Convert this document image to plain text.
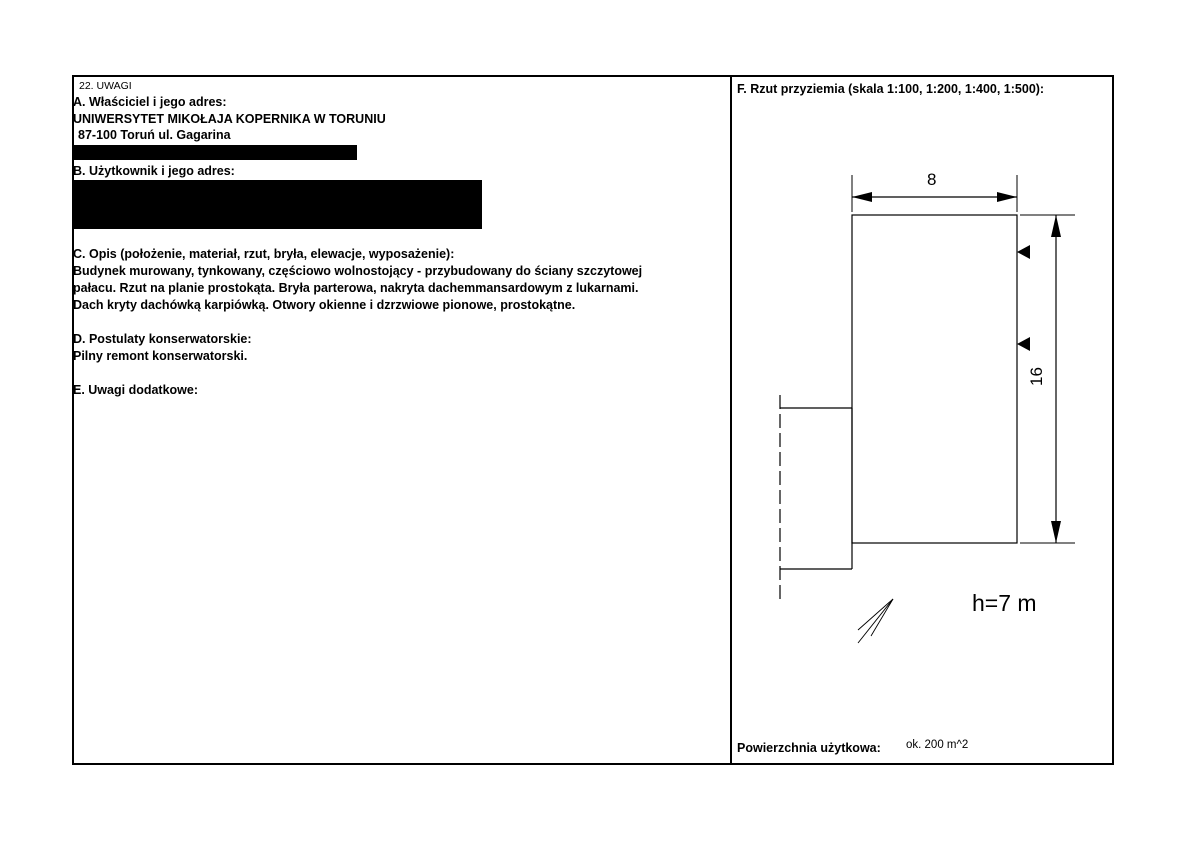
22. UWAGI
A. Właściciel i jego adres:
UNIWERSYTET MIKOŁAJA KOPERNIKA W TORUNIU
87-100 Toruń ul. Gagarina
B. Użytkownik i jego adres:
C. Opis (położenie, materiał, rzut, bryła, elewacje, wyposażenie):
Budynek murowany, tynkowany, częściowo wolnostojący - przybudowany do ściany szczytowej
pałacu. Rzut na planie prostokąta. Bryła parterowa, nakryta dachemmansardowym z lukarnami.
Dach kryty dachówką karpiówką. Otwory okienne i dzrzwiowe pionowe, prostokątne.
D. Postulaty konserwatorskie:
Pilny remont konserwatorski.
E. Uwagi dodatkowe:
F. Rzut przyziemia (skala 1:100, 1:200, 1:400, 1:500):
8
16
h=7 m
Powierzchnia użytkowa: ok. 200 m^2
